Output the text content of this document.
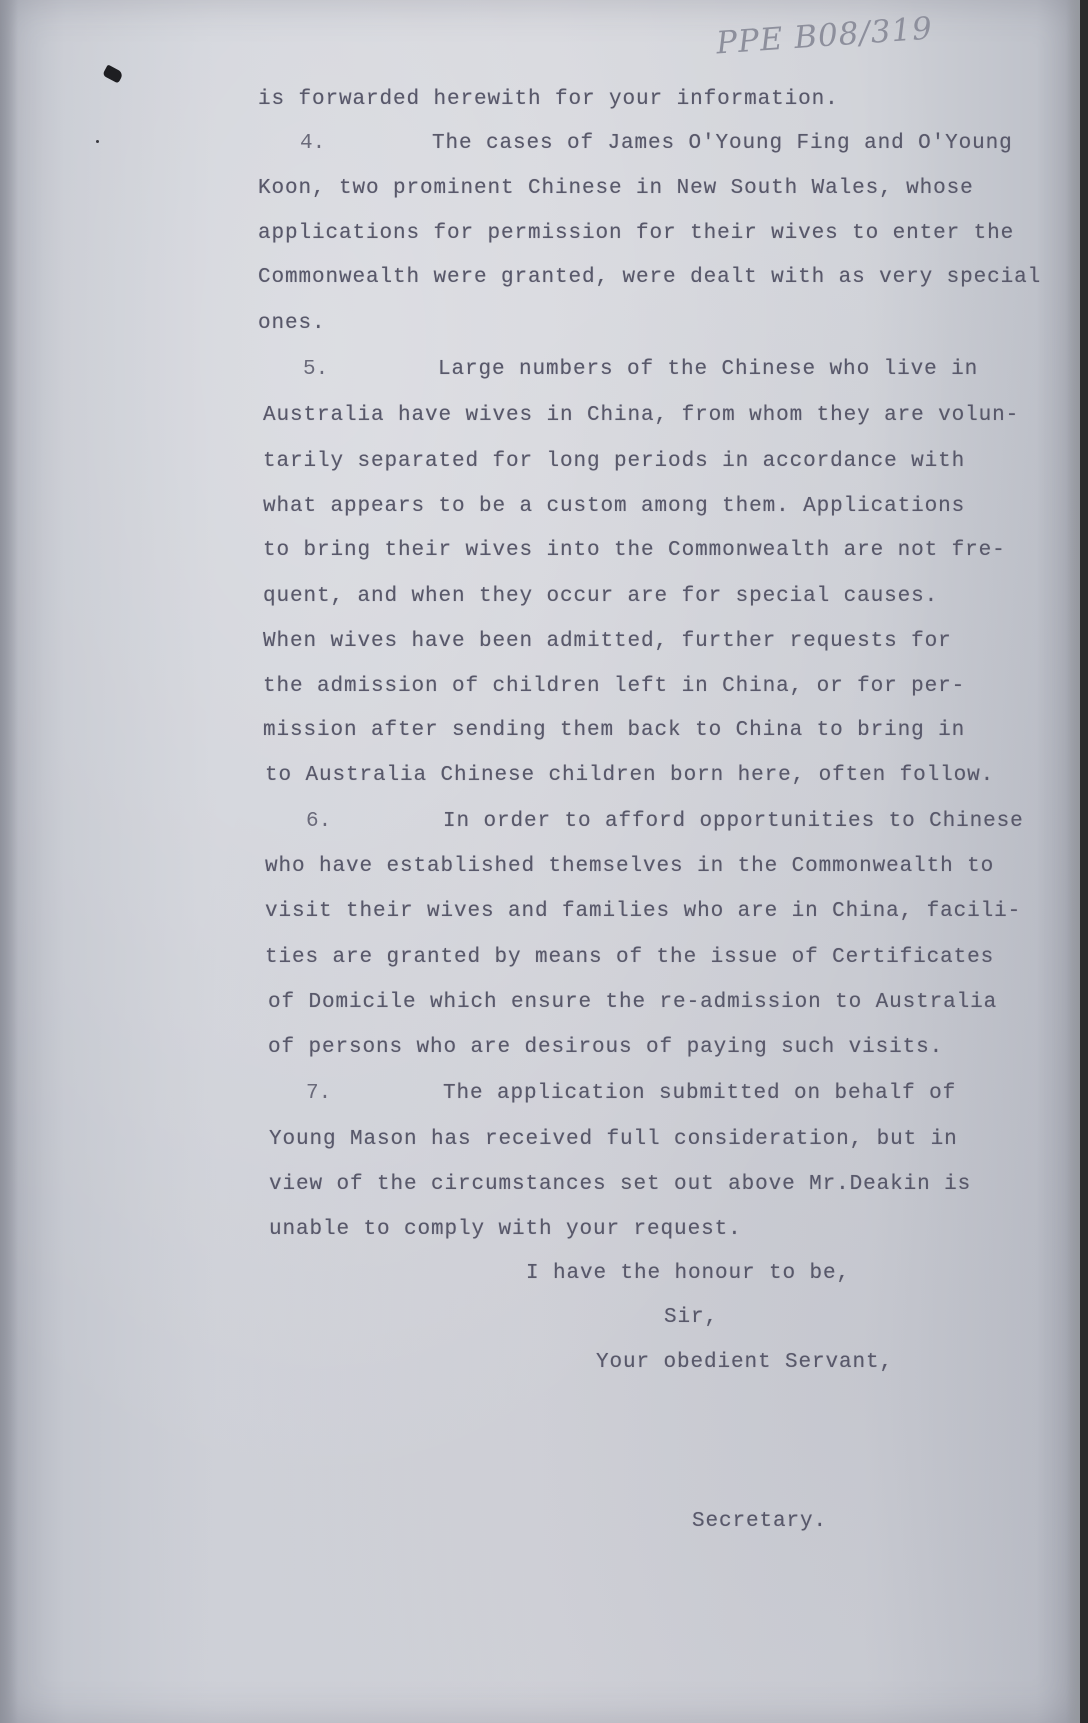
PPE B08/319
is forwarded herewith for your information.
4.	The cases of James O'Young Fing and O'Young
Koon, two prominent Chinese in New South Wales, whose
applications for permission for their wives to enter the
Commonwealth were granted, were dealt with as very special
ones.
5.	Large numbers of the Chinese who live in
Australia have wives in China, from whom they are volun-
tarily separated for long periods in accordance with
what appears to be a custom among them. Applications
to bring their wives into the Commonwealth are not fre-
quent, and when they occur are for special causes.
When wives have been admitted, further requests for
the admission of children left in China, or for per-
mission after sending them back to China to bring in
to Australia Chinese children born here, often follow.
6.	In order to afford opportunities to Chinese
who have established themselves in the Commonwealth to
visit their wives and families who are in China, facili-
ties are granted by means of the issue of Certificates
of Domicile which ensure the re-admission to Australia
of persons who are desirous of paying such visits.
7.	The application submitted on behalf of
Young Mason has received full consideration, but in
view of the circumstances set out above Mr.Deakin is
unable to comply with your request.
I have the honour to be,
Sir,
Your obedient Servant,
Secretary.
